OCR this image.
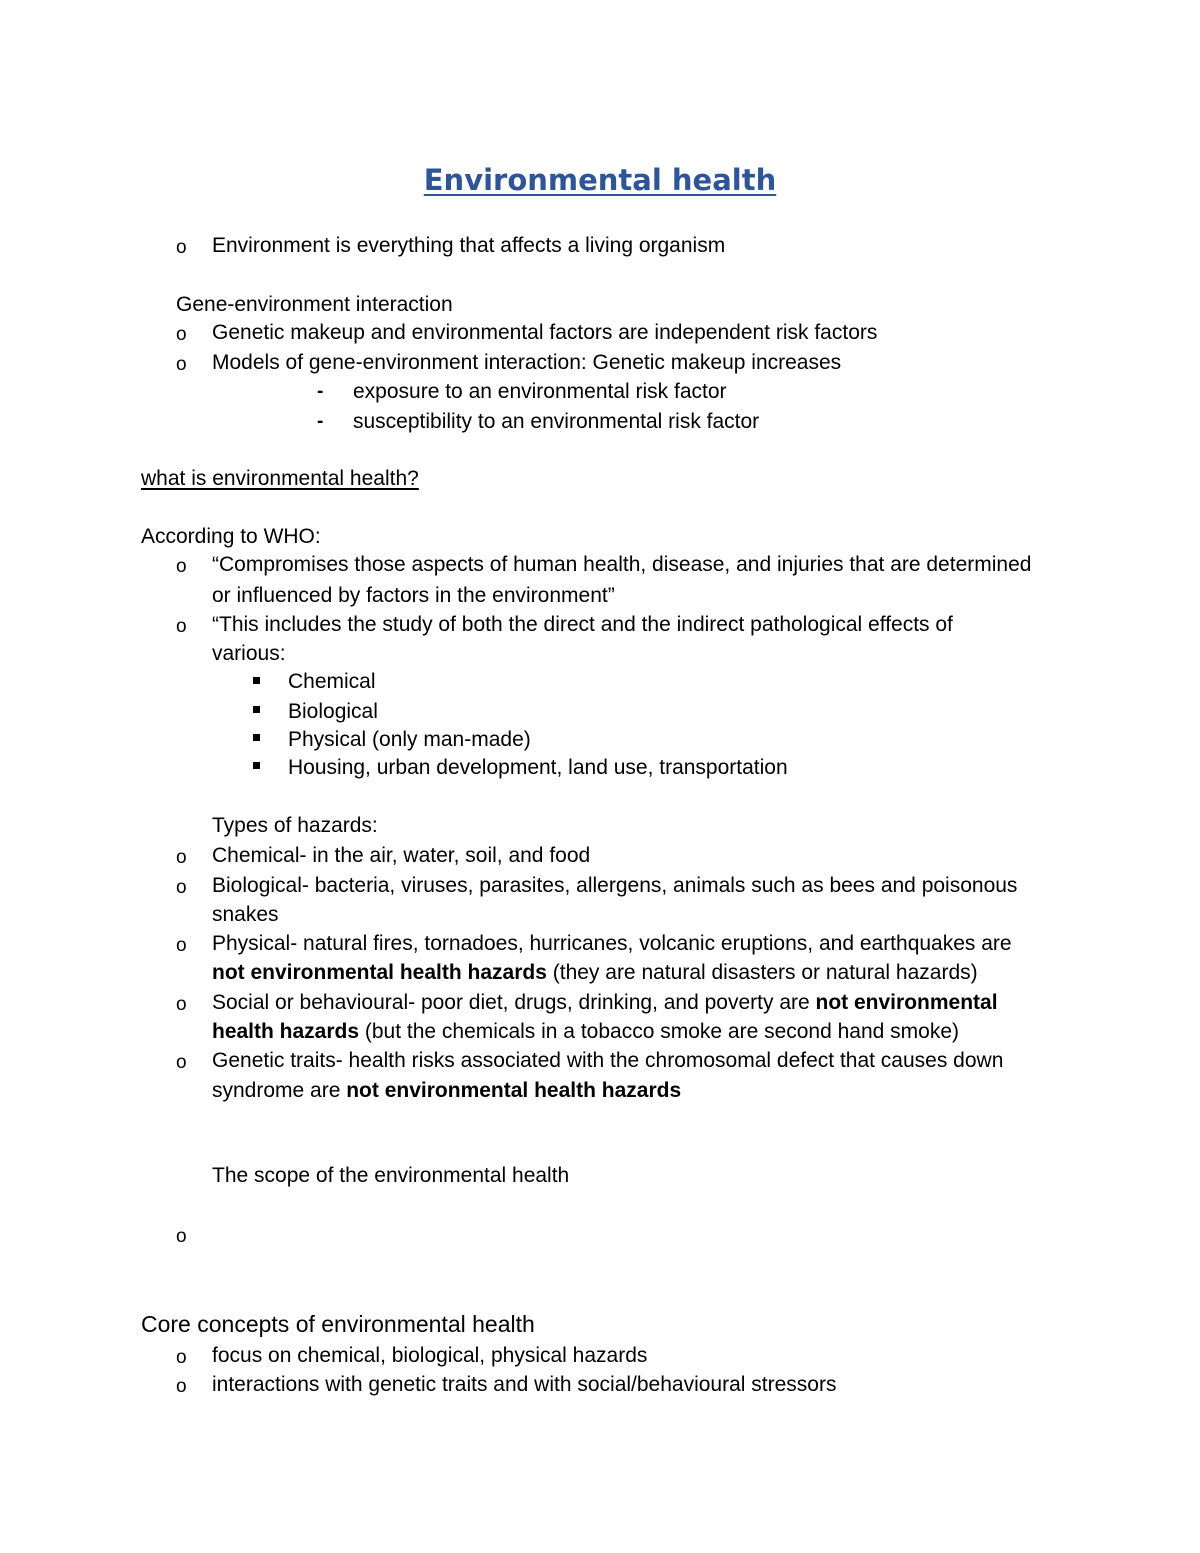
Environmental health
o Environment is everything that affects a living organism
Gene-environment interaction
o Genetic makeup and environmental factors are independent risk factors
o Models of gene-environment interaction: Genetic makeup increases
- exposure to an environmental risk factor
- susceptibility to an environmental risk factor
what is environmental health?
According to WHO:
o “Compromises those aspects of human health, disease, and injuries that are determined
or influenced by factors in the environment”
o “This includes the study of both the direct and the indirect pathological effects of
various:
Chemical
Biological
Physical (only man-made)
Housing, urban development, land use, transportation
Types of hazards:
o Chemical- in the air, water, soil, and food
o Biological- bacteria, viruses, parasites, allergens, animals such as bees and poisonous
snakes
o Physical- natural fires, tornadoes, hurricanes, volcanic eruptions, and earthquakes are
not environmental health hazards (they are natural disasters or natural hazards)
o Social or behavioural- poor diet, drugs, drinking, and poverty are not environmental
health hazards (but the chemicals in a tobacco smoke are second hand smoke)
o Genetic traits- health risks associated with the chromosomal defect that causes down
syndrome are not environmental health hazards
The scope of the environmental health
o
Core concepts of environmental health
o focus on chemical, biological, physical hazards
o interactions with genetic traits and with social/behavioural stressors
